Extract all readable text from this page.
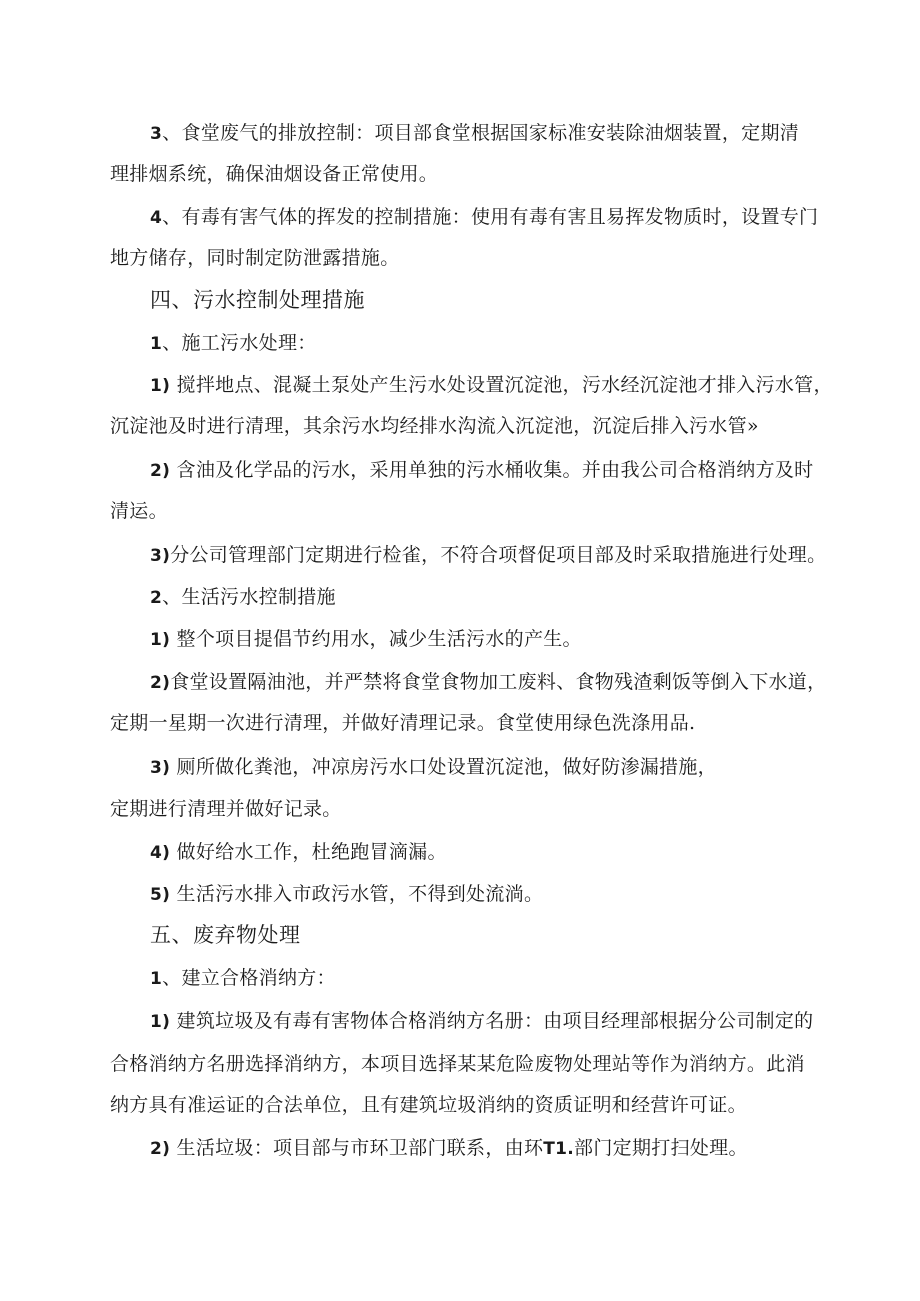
3、食堂废气的排放控制：项目部食堂根据国家标准安装除油烟装置，定期清
理排烟系统，确保油烟设备正常使用。
4、有毒有害气体的挥发的控制措施：使用有毒有害且易挥发物质时，设置专门
地方储存，同时制定防泄露措施。
四、污水控制处理措施
1、施工污水处理：
1) 搅拌地点、混凝土泵处产生污水处设置沉淀池，污水经沉淀池才排入污水管，
沉淀池及时进行清理，其余污水均经排水沟流入沉淀池，沉淀后排入污水管»
2) 含油及化学品的污水，采用单独的污水桶收集。并由我公司合格消纳方及时
清运。
3)分公司管理部门定期进行检雀，不符合项督促项目部及时采取措施进行处理。
2、生活污水控制措施
1) 整个项目提倡节约用水，减少生活污水的产生。
2)食堂设置隔油池，并严禁将食堂食物加工废料、食物残渣剩饭等倒入下水道，
定期一星期一次进行清理，并做好清理记录。食堂使用绿色洗涤用品.
3) 厕所做化粪池，冲凉房污水口处设置沉淀池，做好防渗漏措施，
定期进行清理并做好记录。
4) 做好给水工作，杜绝跑冒滴漏。
5) 生活污水排入市政污水管，不得到处流淌。
五、废弃物处理
1、建立合格消纳方：
1) 建筑垃圾及有毒有害物体合格消纳方名册：由项目经理部根据分公司制定的
合格消纳方名册选择消纳方，本项目选择某某危险废物处理站等作为消纳方。此消
纳方具有准运证的合法单位，且有建筑垃圾消纳的资质证明和经营许可证。
2) 生活垃圾：项目部与市环卫部门联系，由环T1.部门定期打扫处理。
